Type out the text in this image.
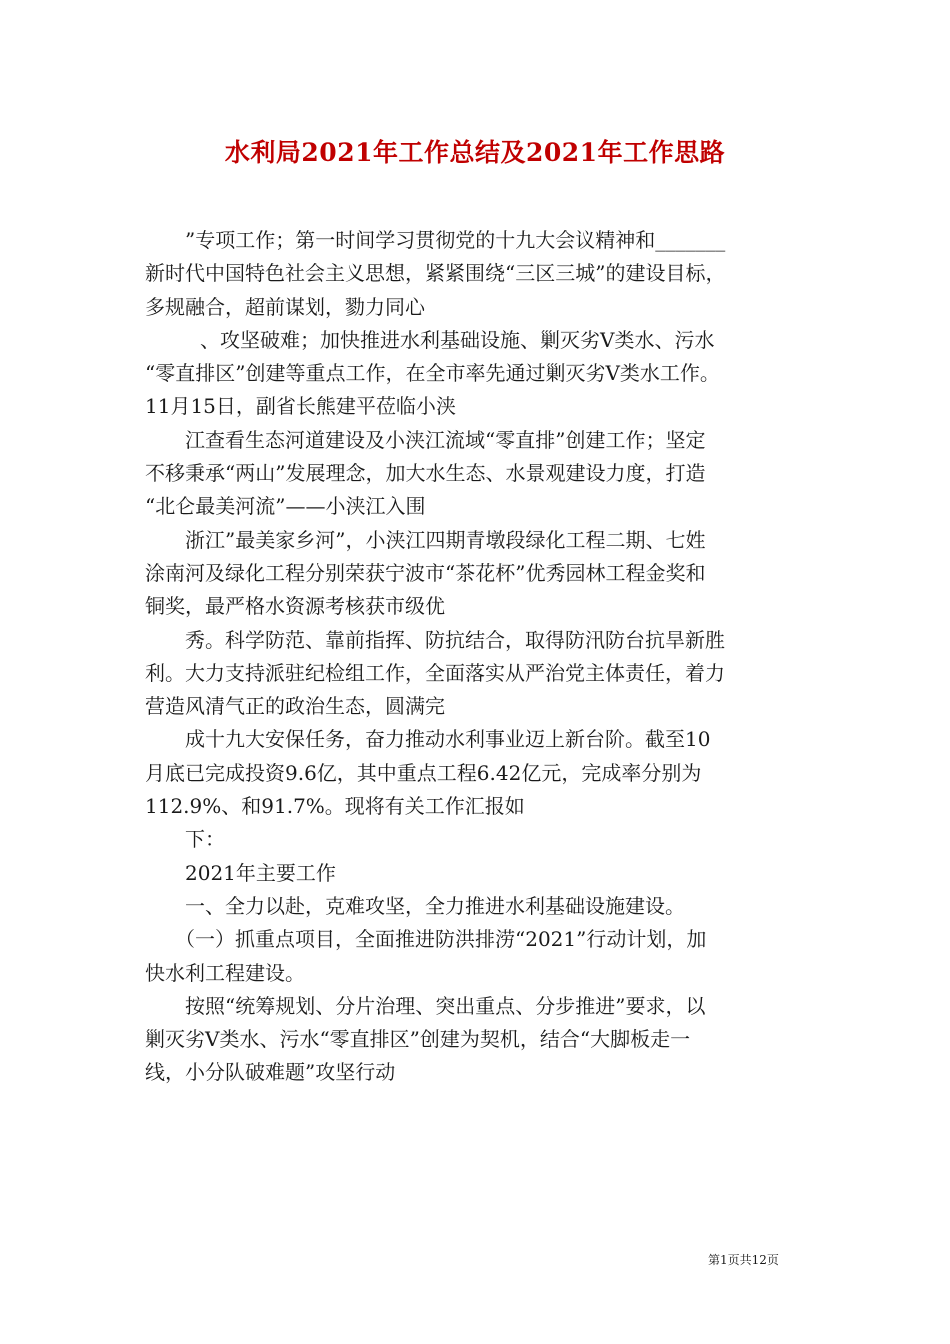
水利局2021年工作总结及2021年工作思路

”专项工作；第一时间学习贯彻党的十九大会议精神和_______

新时代中国特色社会主义思想，紧紧围绕“三区三城”的建设目标，

多规融合，超前谋划，勠力同心

、攻坚破难；加快推进水利基础设施、剿灭劣Ⅴ类水、污水

“零直排区”创建等重点工作，在全市率先通过剿灭劣Ⅴ类水工作。

11月15日，副省长熊建平莅临小浃

江查看生态河道建设及小浃江流域“零直排”创建工作；坚定

不移秉承“两山”发展理念，加大水生态、水景观建设力度，打造

“北仑最美河流”——小浃江入围

浙江”最美家乡河”，小浃江四期青墩段绿化工程二期、七姓

涂南河及绿化工程分别荣获宁波市“茶花杯”优秀园林工程金奖和

铜奖，最严格水资源考核获市级优

秀。科学防范、靠前指挥、防抗结合，取得防汛防台抗旱新胜

利。大力支持派驻纪检组工作，全面落实从严治党主体责任，着力

营造风清气正的政治生态，圆满完

成十九大安保任务，奋力推动水利事业迈上新台阶。截至10

月底已完成投资9.6亿，其中重点工程6.42亿元，完成率分别为

112.9%、和91.7%。现将有关工作汇报如

下：

2021年主要工作

一、全力以赴，克难攻坚，全力推进水利基础设施建设。

（一）抓重点项目，全面推进防洪排涝“2021”行动计划，加

快水利工程建设。

按照“统筹规划、分片治理、突出重点、分步推进”要求，以

剿灭劣Ⅴ类水、污水“零直排区”创建为契机，结合“大脚板走一

线，小分队破难题”攻坚行动

第1页共12页
